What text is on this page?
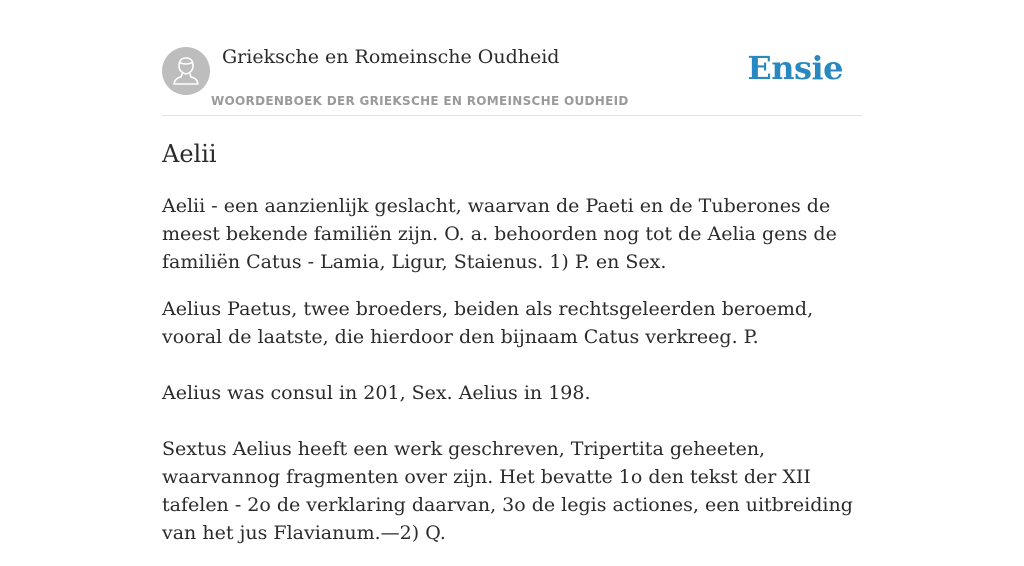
Grieksche en Romeinsche Oudheid
WOORDENBOEK DER GRIEKSCHE EN ROMEINSCHE OUDHEID
Ensie
Aelii

Aelii - een aanzienlijk geslacht, waarvan de Paeti en de Tuberones de meest bekende familiën zijn. O. a. behoorden nog tot de Aelia gens de familiën Catus - Lamia, Ligur, Staienus. 1) P. en Sex.

Aelius Paetus, twee broeders, beiden als rechtsgeleerden beroemd, vooral de laatste, die hierdoor den bijnaam Catus verkreeg. P.

Aelius was consul in 201, Sex. Aelius in 198.

Sextus Aelius heeft een werk geschreven, Tripertita geheeten, waarvannog fragmenten over zijn. Het bevatte 1o den tekst der XII tafelen - 2o de verklaring daarvan, 3o de legis actiones, een uitbreiding van het jus Flavianum.—2) Q.
